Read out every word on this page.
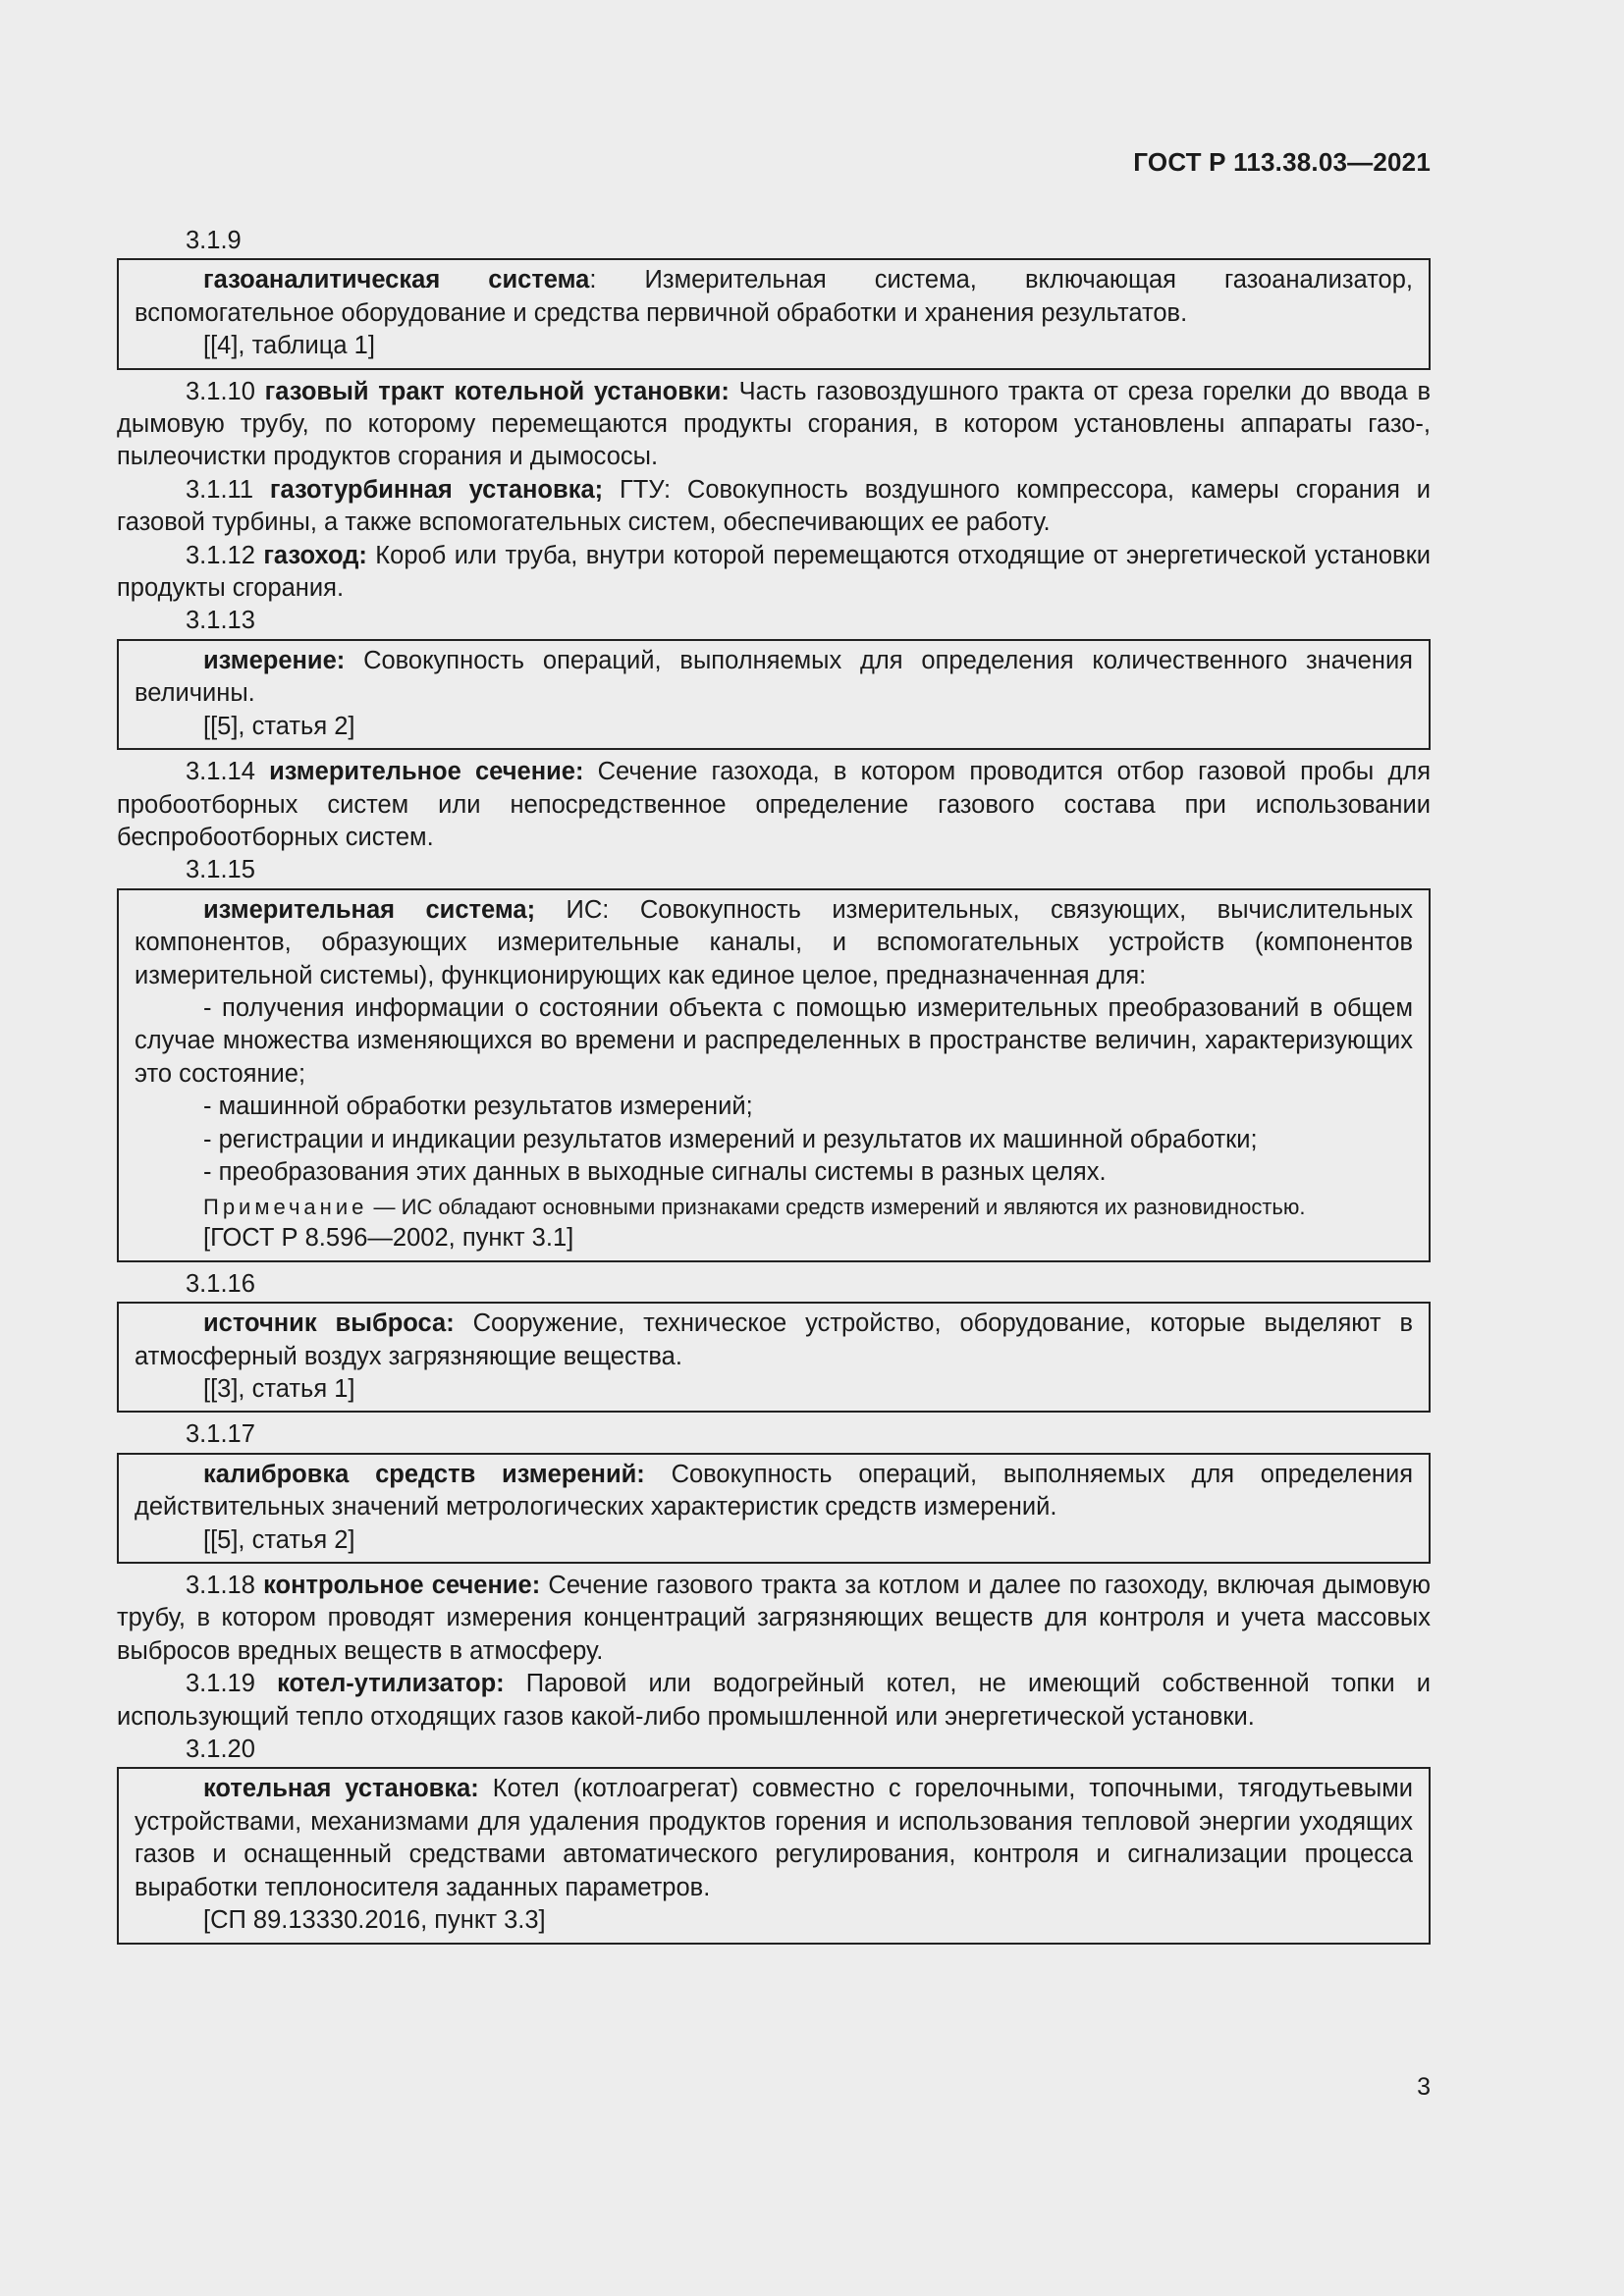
ГОСТ Р 113.38.03—2021

3.1.9

газоаналитическая система: Измерительная система, включающая газоанализатор, вспомогательное оборудование и средства первичной обработки и хранения результатов.

[[4], таблица 1]

3.1.10 газовый тракт котельной установки: Часть газовоздушного тракта от среза горелки до ввода в дымовую трубу, по которому перемещаются продукты сгорания, в котором установлены аппараты газо-, пылеочистки продуктов сгорания и дымососы.

3.1.11 газотурбинная установка; ГТУ: Совокупность воздушного компрессора, камеры сгорания и газовой турбины, а также вспомогательных систем, обеспечивающих ее работу.

3.1.12 газоход: Короб или труба, внутри которой перемещаются отходящие от энергетической установки продукты сгорания.

3.1.13

измерение: Совокупность операций, выполняемых для определения количественного значения величины.

[[5], статья 2]

3.1.14 измерительное сечение: Сечение газохода, в котором проводится отбор газовой пробы для пробоотборных систем или непосредственное определение газового состава при использовании беспробоотборных систем.

3.1.15

измерительная система; ИС: Совокупность измерительных, связующих, вычислительных компонентов, образующих измерительные каналы, и вспомогательных устройств (компонентов измерительной системы), функционирующих как единое целое, предназначенная для:

- получения информации о состоянии объекта с помощью измерительных преобразований в общем случае множества изменяющихся во времени и распределенных в пространстве величин, характеризующих это состояние;

- машинной обработки результатов измерений;

- регистрации и индикации результатов измерений и результатов их машинной обработки;

- преобразования этих данных в выходные сигналы системы в разных целях.

Примечание — ИС обладают основными признаками средств измерений и являются их разновидностью.

[ГОСТ Р 8.596—2002, пункт 3.1]

3.1.16

источник выброса: Сооружение, техническое устройство, оборудование, которые выделяют в атмосферный воздух загрязняющие вещества.

[[3], статья 1]

3.1.17

калибровка средств измерений: Совокупность операций, выполняемых для определения действительных значений метрологических характеристик средств измерений.

[[5], статья 2]

3.1.18 контрольное сечение: Сечение газового тракта за котлом и далее по газоходу, включая дымовую трубу, в котором проводят измерения концентраций загрязняющих веществ для контроля и учета массовых выбросов вредных веществ в атмосферу.

3.1.19 котел-утилизатор: Паровой или водогрейный котел, не имеющий собственной топки и использующий тепло отходящих газов какой-либо промышленной или энергетической установки.

3.1.20

котельная установка: Котел (котлоагрегат) совместно с горелочными, топочными, тягодутьевыми устройствами, механизмами для удаления продуктов горения и использования тепловой энергии уходящих газов и оснащенный средствами автоматического регулирования, контроля и сигнализации процесса выработки теплоносителя заданных параметров.

[СП 89.13330.2016, пункт 3.3]

3
